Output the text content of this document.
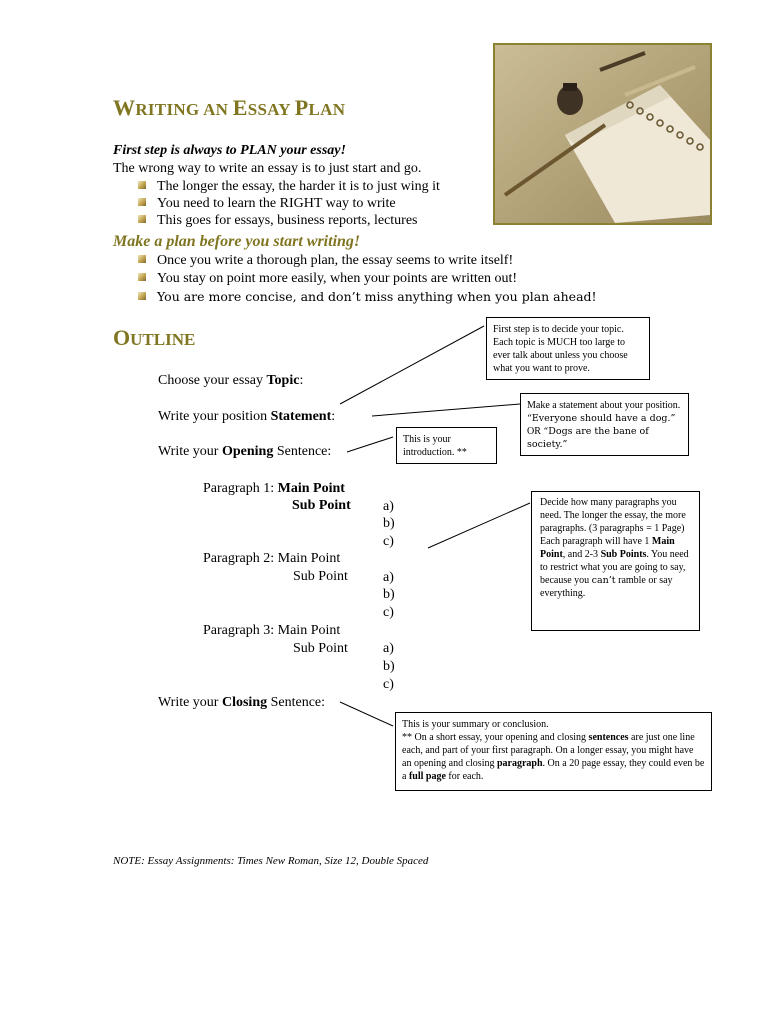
WRITING AN ESSAY PLAN
First step is always to PLAN your essay!
The wrong way to write an essay is to just start and go.
The longer the essay, the harder it is to just wing it
You need to learn the RIGHT way to write
This goes for essays, business reports, lectures
Make a plan before you start writing!
Once you write a thorough plan, the essay seems to write itself!
You stay on point more easily, when your points are written out!
You are more concise, and don’t miss anything when you plan ahead!
OUTLINE
Choose your essay Topic:
Write your position Statement:
Write your Opening Sentence:
Paragraph 1: Main Point
Sub Point a)
b)
c)
Paragraph 2: Main Point
Sub Point	a)
b)
c)
Paragraph 3: Main Point
Sub Point	a)
b)
c)
Write your Closing Sentence:
First step is to decide your topic. Each topic is MUCH too large to ever talk about unless you choose what you want to prove.
Make a statement about your position. “Everyone should have a dog.” OR “Dogs are the bane of society.”
This is your introduction. **
Decide how many paragraphs you need. The longer the essay, the more paragraphs. (3 paragraphs = 1 Page) Each paragraph will have 1 Main Point, and 2-3 Sub Points. You need to restrict what you are going to say, because you can’t ramble or say everything.
This is your summary or conclusion.
** On a short essay, your opening and closing sentences are just one line each, and part of your first paragraph. On a longer essay, you might have an opening and closing paragraph. On a 20 page essay, they could even be a full page for each.
NOTE: Essay Assignments: Times New Roman, Size 12, Double Spaced
